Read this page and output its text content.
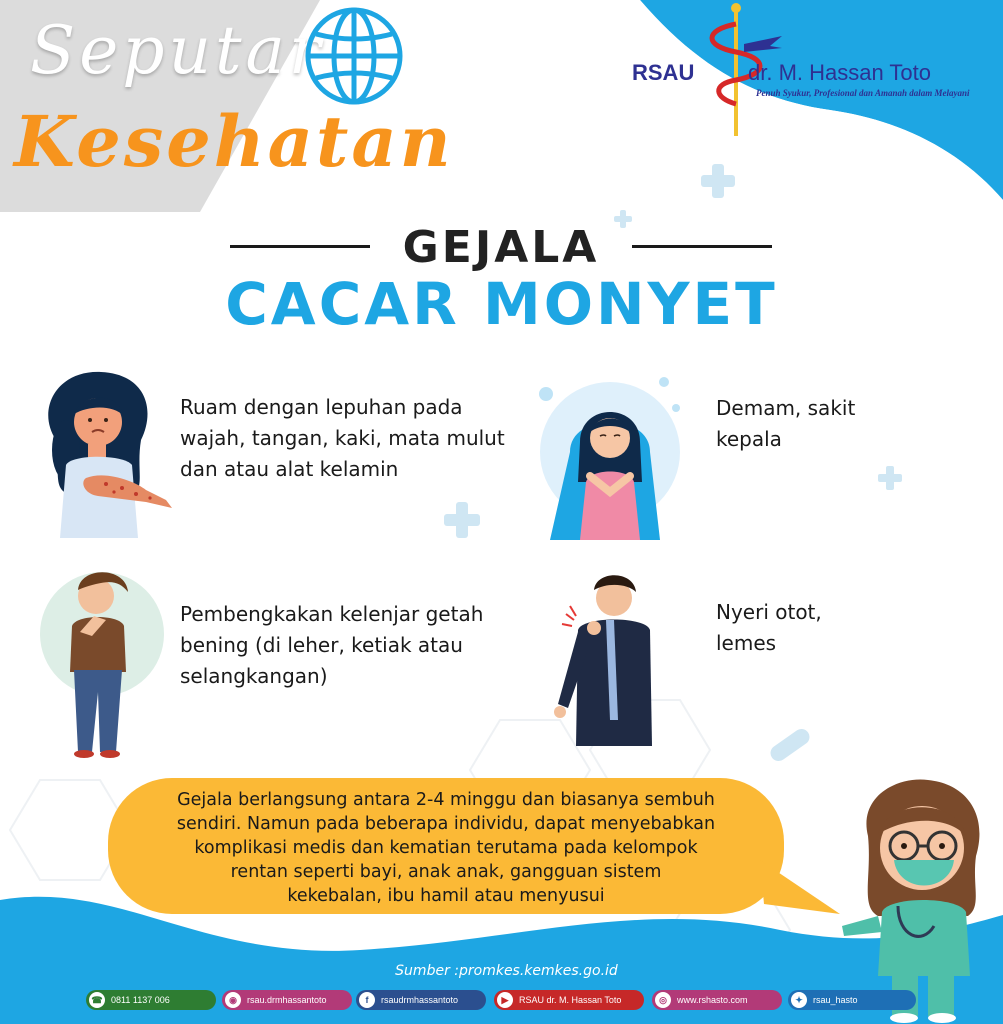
Seputar
Kesehatan
RSAU dr. M. Hassan Toto
Penuh Syukur, Profesional dan Amanah dalam Melayani
GEJALA
CACAR MONYET
Ruam dengan lepuhan pada
wajah, tangan, kaki, mata mulut
dan atau alat kelamin
Demam, sakit
kepala
Pembengkakan kelenjar getah
bening (di leher, ketiak atau
selangkangan)
Nyeri otot,
lemes
Gejala berlangsung antara 2-4 minggu dan biasanya sembuh
sendiri. Namun pada beberapa individu, dapat menyebabkan
komplikasi medis dan kematian terutama pada kelompok
rentan seperti bayi, anak anak, gangguan sistem
kekebalan, ibu hamil atau menyusui
Sumber :promkes.kemkes.go.id
☎ 0811 1137 006	◉	rsau.drmhassantoto	f	rsaudrmhassantoto	▶	RSAU dr. M. Hassan Toto	◎	www.rshasto.com	✦	rsau_hasto
